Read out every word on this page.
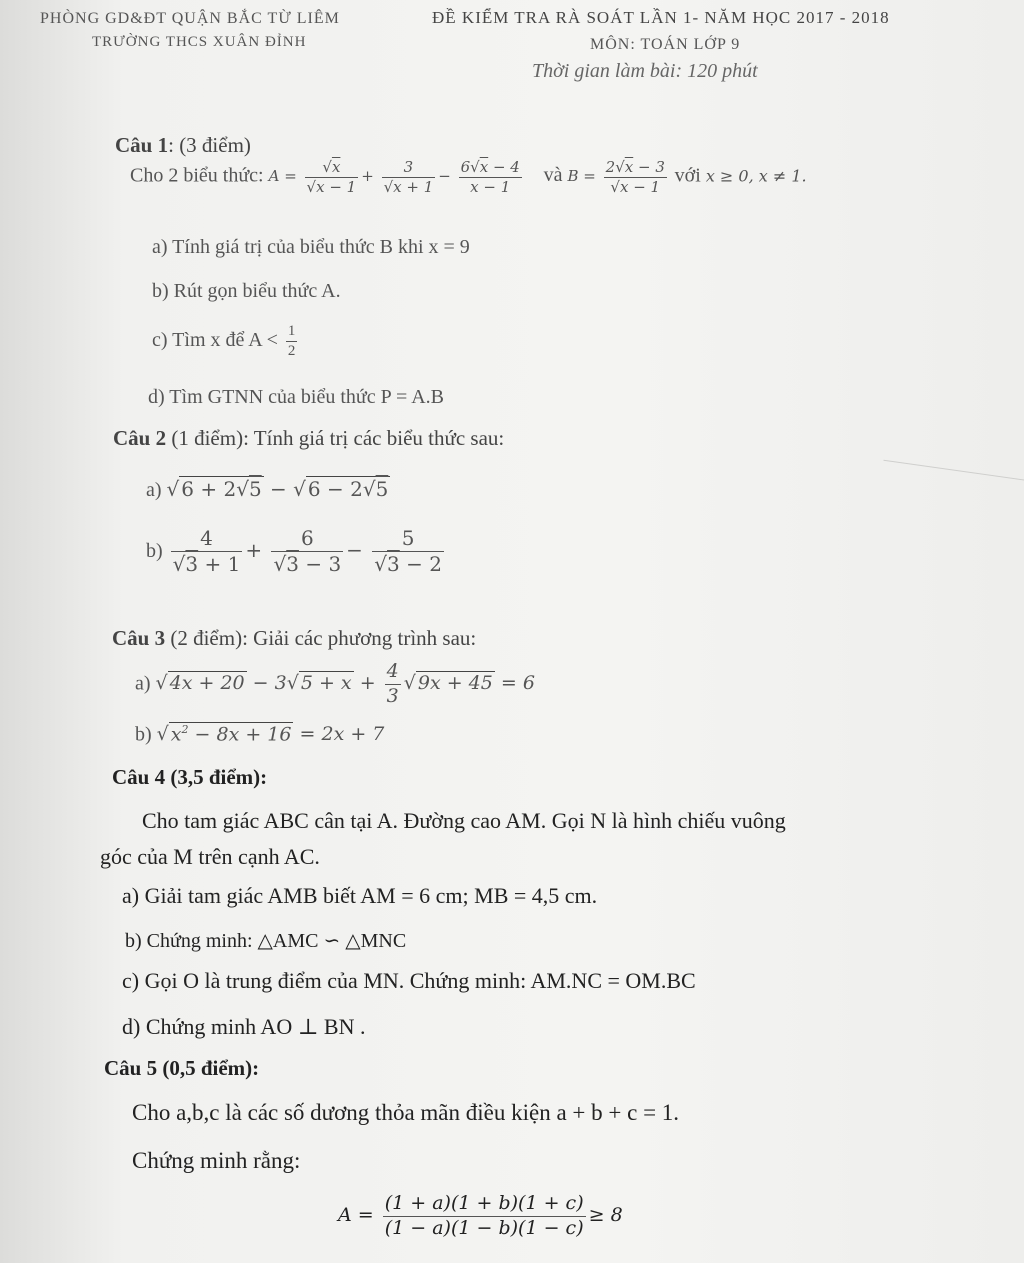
PHÒNG GD&ĐT QUẬN BẮC TỪ LIÊM
TRƯỜNG THCS XUÂN ĐỈNH
ĐỀ KIỂM TRA RÀ SOÁT LẦN 1- NĂM HỌC 2017 - 2018
MÔN: TOÁN LỚP 9
Thời gian làm bài: 120 phút
Câu 1: (3 điểm)
Cho 2 biểu thức: $A = \frac{√x}{√x - 1} + \frac{3}{√x + 1} - \frac{6√x - 4}{x - 1}$ và $B = \frac{2√x - 3}{√x - 1}$ với x ≥ 0, x ≠ 1.
a) Tính giá trị của biểu thức B khi x = 9
b) Rút gọn biểu thức A.
c) Tìm x để $A < \frac{1}{2}$
d) Tìm GTNN của biểu thức P = A.B
Câu 2 (1 điểm): Tính giá trị các biểu thức sau:
a) √ 6 + 2√5 − √ 6 − 2√5
$b) \frac{4}{√3 + 1} + \frac{6}{√3 - 3} - \frac{5}{√3 - 2}$
Câu 3 (2 điểm): Giải các phương trình sau:
a) √ 4x + 20 − 3√ $5 + x + \frac{4}{3}$ √ 9x + 45 = 6
b) √ $x^2 - 8x + 16 = 2x + 7$
Câu 4 (3,5 điểm):
Cho tam giác ABC cân tại A. Đường cao AM. Gọi N là hình chiếu vuông
góc của M trên cạnh AC.
a) Giải tam giác AMB biết AM = 6 cm; MB = 4,5 cm.
b) Chứng minh: △AMC ∽ △MNC
c) Gọi O là trung điểm của MN. Chứng minh: AM.NC = OM.BC
d) Chứng minh AO ⊥ BN .
Câu 5 (0,5 điểm):
Cho a,b,c là các số dương thỏa mãn điều kiện a + b + c = 1.
Chứng minh rằng:
$A = \frac{(1 + a)(1 + b)(1 + c)}{(1 - a)(1 - b)(1 - c)} \ge 8$
